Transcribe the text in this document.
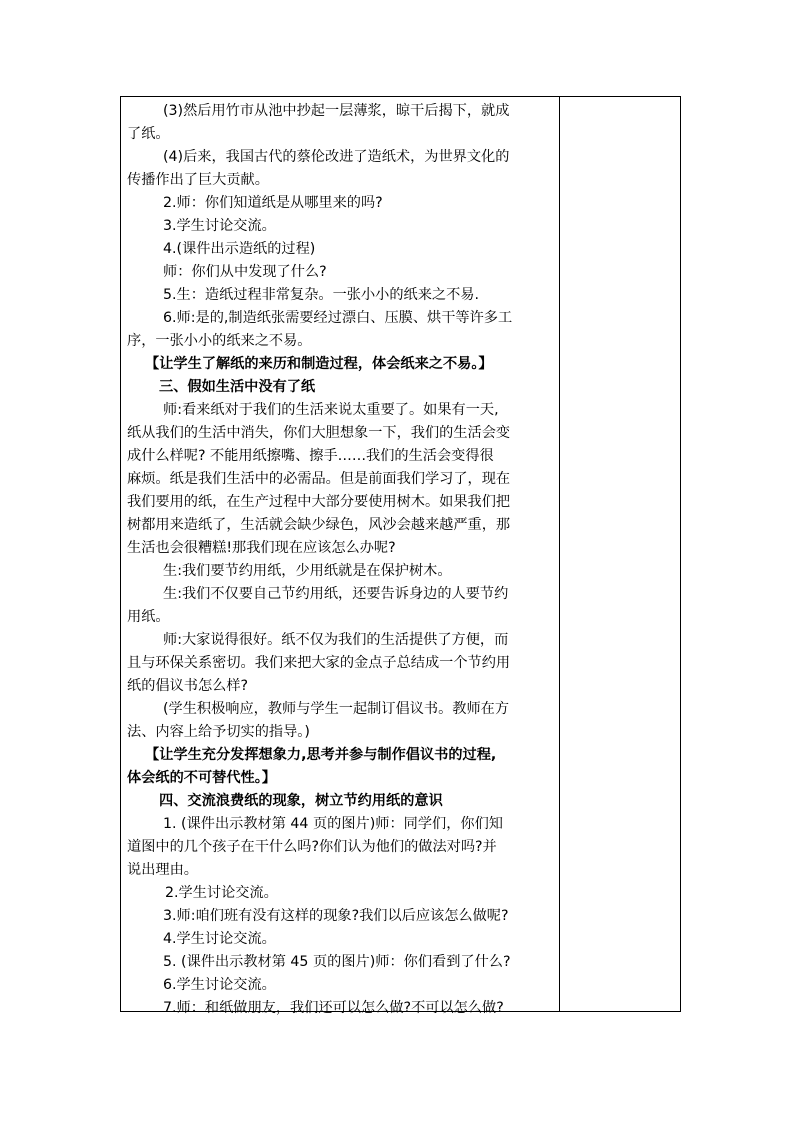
(3)然后用竹市从池中抄起一层薄浆，晾干后揭下，就成
了纸。
(4)后来，我国古代的蔡伦改进了造纸术，为世界文化的
传播作出了巨大贡献。
2.师：你们知道纸是从哪里来的吗?
3.学生讨论交流。
4.(课件出示造纸的过程)
师：你们从中发现了什么?
5.生：造纸过程非常复杂。一张小小的纸来之不易.
6.师:是的,制造纸张需要经过漂白、压膜、烘干等许多工
序，一张小小的纸来之不易。
【让学生了解纸的来历和制造过程，体会纸来之不易。】
三、假如生活中没有了纸
师:看来纸对于我们的生活来说太重要了。如果有一天,
纸从我们的生活中消失，你们大胆想象一下，我们的生活会变
成什么样呢? 不能用纸擦嘴、擦手……我们的生活会变得很
麻烦。纸是我们生活中的必需品。但是前面我们学习了，现在
我们要用的纸，在生产过程中大部分要使用树木。如果我们把
树都用来造纸了，生活就会缺少绿色，风沙会越来越严重，那
生活也会很糟糕!那我们现在应该怎么办呢?
生:我们要节约用纸，少用纸就是在保护树木。
生:我们不仅要自己节约用纸，还要告诉身边的人要节约
用纸。
师:大家说得很好。纸不仅为我们的生活提供了方便，而
且与环保关系密切。我们来把大家的金点子总结成一个节约用
纸的倡议书怎么样?
(学生积极响应，教师与学生一起制订倡议书。教师在方
法、内容上给予切实的指导。)
【让学生充分发挥想象力,思考并参与制作倡议书的过程,
体会纸的不可替代性。】
四、交流浪费纸的现象，树立节约用纸的意识
1. (课件出示教材第 44 页的图片)师：同学们，你们知
道图中的几个孩子在干什么吗?你们认为他们的做法对吗?并
说出理由。
2.学生讨论交流。
3.师:咱们班有没有这样的现象?我们以后应该怎么做呢?
4.学生讨论交流。
5. (课件出示教材第 45 页的图片)师：你们看到了什么?
6.学生讨论交流。
7.师：和纸做朋友，我们还可以怎么做?不可以怎么做?
